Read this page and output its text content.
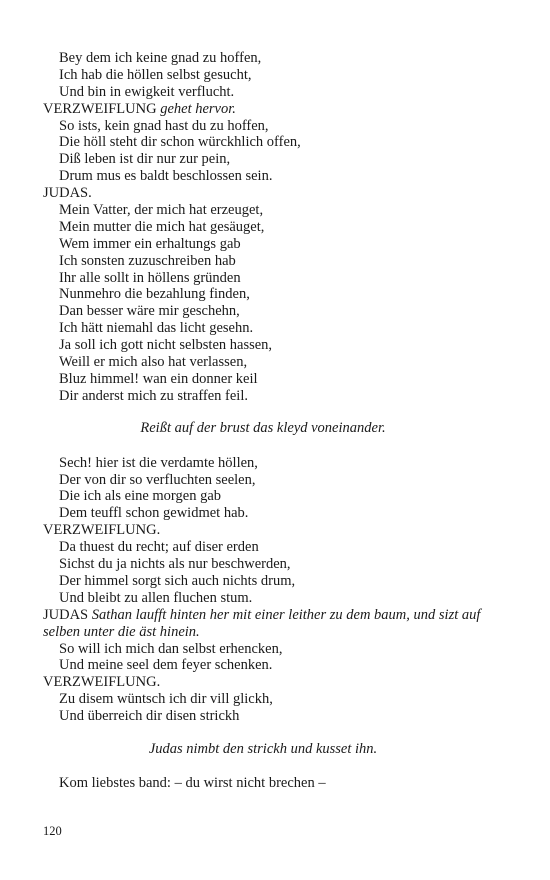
Bey dem ich keine gnad zu hoffen,
Ich hab die höllen selbst gesucht,
Und bin in ewigkeit verflucht.
VERZWEIFLUNG gehet hervor.
So ists, kein gnad hast du zu hoffen,
Die höll steht dir schon würckhlich offen,
Diß leben ist dir nur zur pein,
Drum mus es baldt beschlossen sein.
JUDAS.
Mein Vatter, der mich hat erzeuget,
Mein mutter die mich hat gesäuget,
Wem immer ein erhaltungs gab
Ich sonsten zuzuschreiben hab
Ihr alle sollt in höllens gründen
Nunmehro die bezahlung finden,
Dan besser wäre mir geschehn,
Ich hätt niemahl das licht gesehn.
Ja soll ich gott nicht selbsten hassen,
Weill er mich also hat verlassen,
Bluz himmel! wan ein donner keil
Dir anderst mich zu straffen feil.
Reißt auf der brust das kleyd voneinander.
Sech! hier ist die verdamte höllen,
Der von dir so verfluchten seelen,
Die ich als eine morgen gab
Dem teuffl schon gewidmet hab.
VERZWEIFLUNG.
Da thuest du recht; auf diser erden
Sichst du ja nichts als nur beschwerden,
Der himmel sorgt sich auch nichts drum,
Und bleibt zu allen fluchen stum.
JUDAS Sathan laufft hinten her mit einer leither zu dem baum, und sizt auf selben unter die äst hinein.
So will ich mich dan selbst erhencken,
Und meine seel dem feyer schenken.
VERZWEIFLUNG.
Zu disem wüntsch ich dir vill glickh,
Und überreich dir disen strickh
Judas nimbt den strickh und kusset ihn.
Kom liebstes band: – du wirst nicht brechen –
120
